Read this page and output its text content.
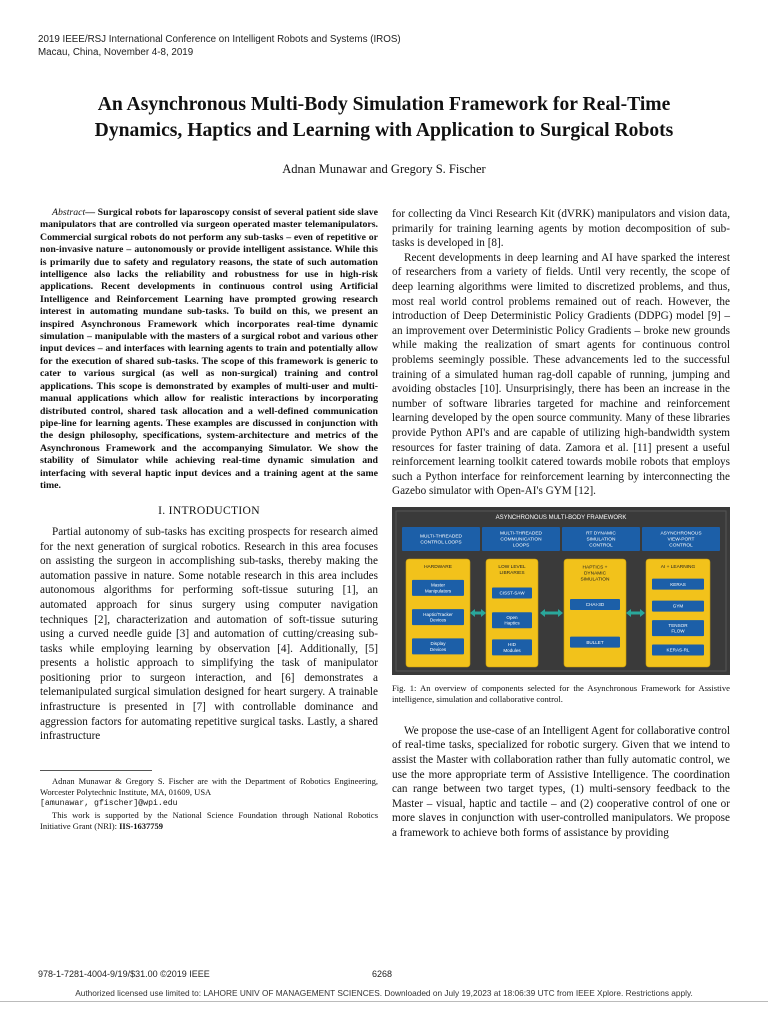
2019 IEEE/RSJ International Conference on Intelligent Robots and Systems (IROS)
Macau, China, November 4-8, 2019
An Asynchronous Multi-Body Simulation Framework for Real-Time
Dynamics, Haptics and Learning with Application to Surgical Robots
Adnan Munawar and Gregory S. Fischer

Abstract— Surgical robots for laparoscopy consist of several patient side slave manipulators that are controlled via surgeon operated master telemanipulators. Commercial surgical robots do not perform any sub-tasks – even of repetitive or non-invasive nature – autonomously or provide intelligent assistance. While this is primarily due to safety and regulatory reasons, the state of such automation intelligence also lacks the reliability and robustness for use in high-risk applications. Recent developments in continuous control using Artificial Intelligence and Reinforcement Learning have prompted growing research interest in automating mundane sub-tasks. To build on this, we present an inspired Asynchronous Framework which incorporates real-time dynamic simulation – manipulable with the masters of a surgical robot and various other input devices – and interfaces with learning agents to train and potentially allow for the execution of shared sub-tasks. The scope of this framework is generic to cater to various surgical (as well as non-surgical) training and control applications. This scope is demonstrated by examples of multi-user and multi-manual applications which allow for realistic interactions by incorporating distributed control, shared task allocation and a well-defined communication pipe-line for learning agents. These examples are discussed in conjunction with the design philosophy, specifications, system-architecture and metrics of the Asynchronous Framework and the accompanying Simulator. We show the stability of Simulator while achieving real-time dynamic simulation and interfacing with several haptic input devices and a training agent at the same time.

I. INTRODUCTION

Partial autonomy of sub-tasks has exciting prospects for research aimed for the next generation of surgical robotics. Research in this area focuses on assisting the surgeon in accomplishing sub-tasks, thereby making the automation passive in nature. Some notable research in this area includes autonomous algorithms for performing soft-tissue suturing [1], an automated approach for sinus surgery using computer navigation techniques [2], characterization and automation of soft-tissue suturing using a curved needle guide [3] and automation of cutting/creasing sub-tasks while employing learning by observation [4]. Additionally, [5] presents a holistic approach to simplifying the task of manipulator positioning prior to surgeon interaction, and [6] demonstrates a telemanipulated surgical simulation designed for heart surgery. A trainable infrastructure is presented in [7] with controllable dominance and aggression factors for automating repetitive surgical tasks. Lastly, a shared infrastructure

Adnan Munawar & Gregory S. Fischer are with the Department of Robotics Engineering, Worcester Polytechnic Institute, MA, 01609, USA
[amunawar, gfischer]@wpi.edu

This work is supported by the National Science Foundation through National Robotics Initiative Grant (NRI): IIS-1637759

for collecting da Vinci Research Kit (dVRK) manipulators and vision data, primarily for training learning agents by motion decomposition of sub-tasks is developed in [8].

Recent developments in deep learning and AI have sparked the interest of researchers from a variety of fields. Until very recently, the scope of deep learning algorithms were limited to discretized problems, and thus, most real world control problems remained out of reach. However, the introduction of Deep Deterministic Policy Gradients (DDPG) model [9] – an improvement over Deterministic Policy Gradients – broke new grounds while making the realization of smart agents for continuous control problems seemingly possible. These advancements led to the successful training of a simulated human rag-doll capable of running, jumping and avoiding obstacles [10]. Unsurprisingly, there has been an increase in the number of software libraries targeted for machine and reinforcement learning developed by the open source community. Many of these libraries provide Python API's and are capable of utilizing high-bandwidth system resources for faster training of data. Zamora et al. [11] present a useful reinforcement learning toolkit catered towards mobile robots that employs such a Python interface for reinforcement learning by interconnecting the Gazebo simulator with Open-AI's GYM [12].

ASYNCHRONOUS MULTI-BODY FRAMEWORK
MULTI-THREADED
CONTROL LOOPS
MULTI-THREADED
COMMUNICATION
LOOPS
RT DYNAMIC
SIMULATION
CONTROL
ASYNCHRONOUS
VIEW-PORT
CONTROL
HARDWARE
Master
Manipulators
Haptic/Tracker
Devices
Display
Devices
LOW LEVEL
LIBRARIES
CISST-SAW
Open
Haptics
HID
Modules
HAPTICS +
DYNAMIC
SIMULATION
CHAI-3D
BULLET
AI + LEARNING
KERAS
GYM
TENSOR
FLOW
KERAS-RL

Fig. 1: An overview of components selected for the Asynchronous Framework for Assistive intelligence, simulation and collaborative control.

We propose the use-case of an Intelligent Agent for collaborative control of real-time tasks, specialized for robotic surgery. Given that we intend to assist the Master with collaboration rather than fully automatic control, we use the more appropriate term of Assistive Intelligence. The coordination can range between two target types, (1) multi-sensory feedback to the Master – visual, haptic and tactile – and (2) cooperative control of one or more slaves in conjunction with user-controlled manipulators. We propose a framework to achieve both forms of assistance by providing

978-1-7281-4004-9/19/$31.00 ©2019 IEEE	6268
Authorized licensed use limited to: LAHORE UNIV OF MANAGEMENT SCIENCES. Downloaded on July 19,2023 at 18:06:39 UTC from IEEE Xplore. Restrictions apply.
